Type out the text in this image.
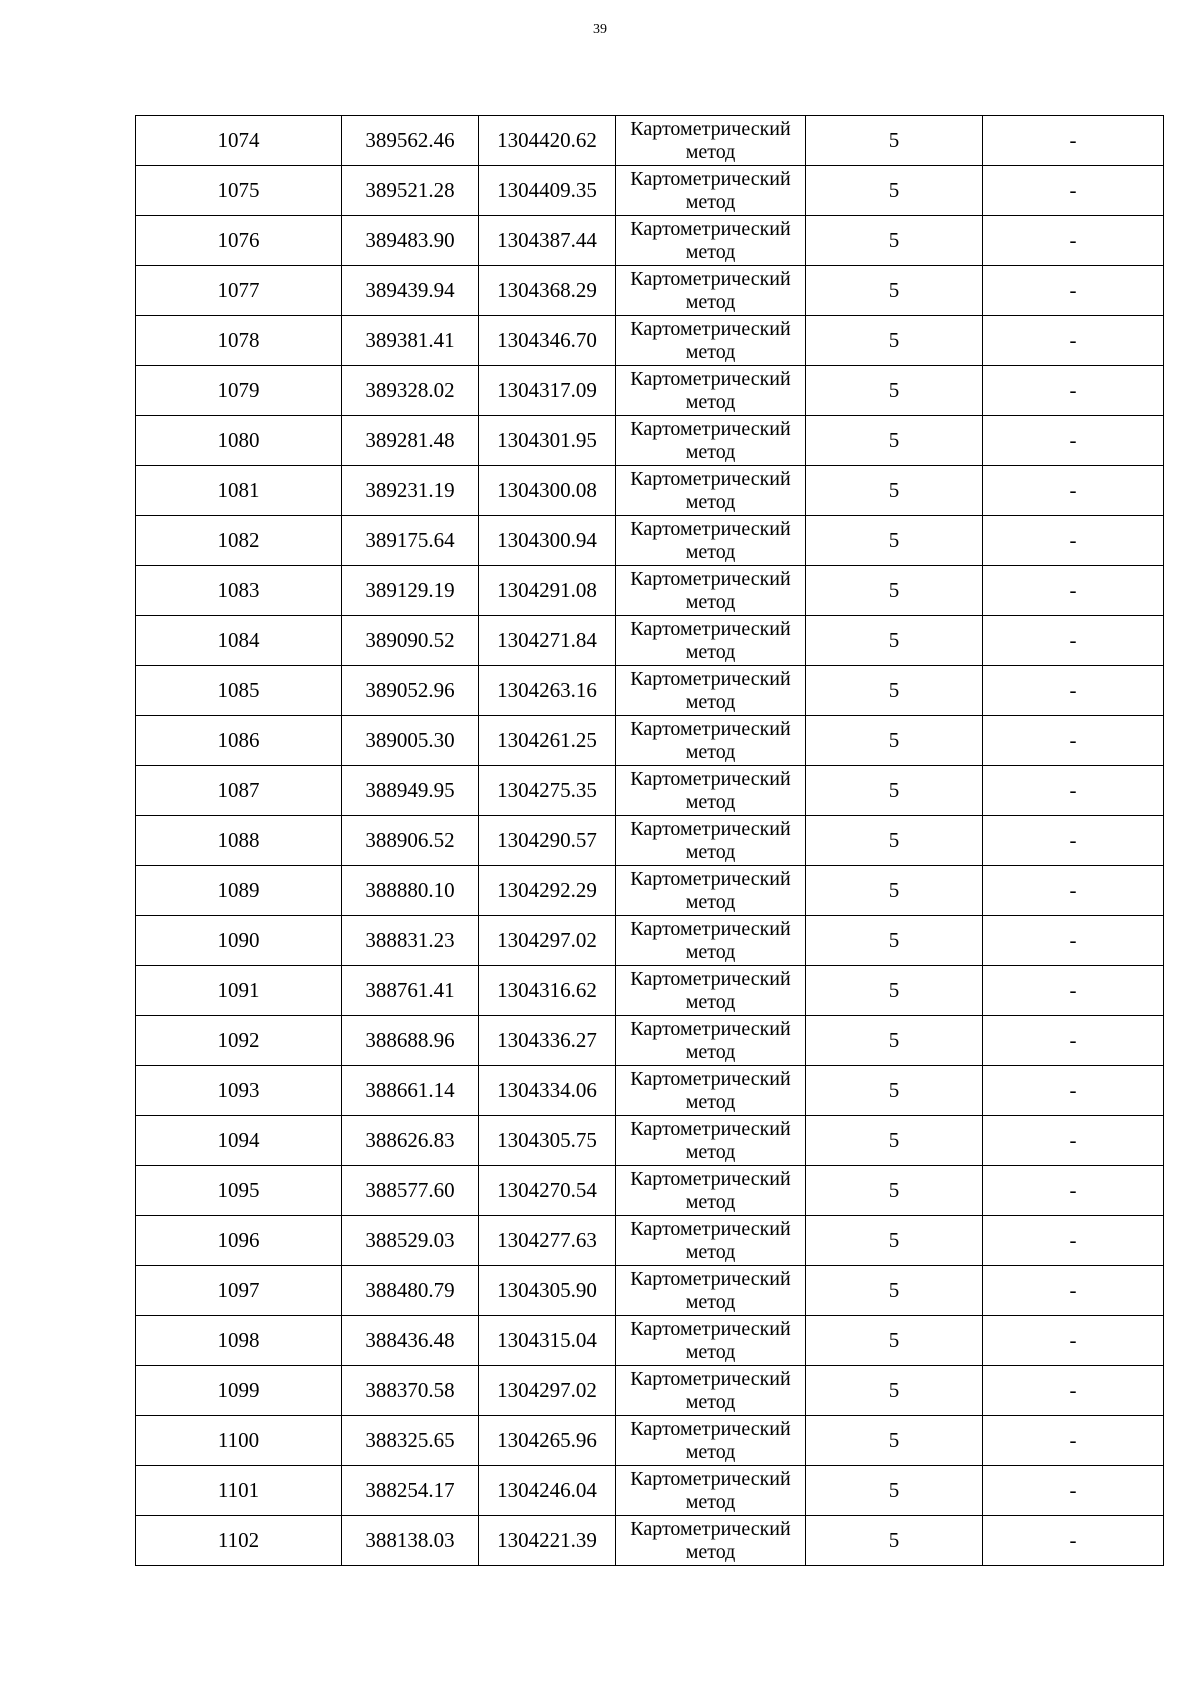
39
1074	389562.46	1304420.62	Картометрический
метод	5	-
1075	389521.28	1304409.35	Картометрический
метод	5	-
1076	389483.90	1304387.44	Картометрический
метод	5	-
1077	389439.94	1304368.29	Картометрический
метод	5	-
1078	389381.41	1304346.70	Картометрический
метод	5	-
1079	389328.02	1304317.09	Картометрический
метод	5	-
1080	389281.48	1304301.95	Картометрический
метод	5	-
1081	389231.19	1304300.08	Картометрический
метод	5	-
1082	389175.64	1304300.94	Картометрический
метод	5	-
1083	389129.19	1304291.08	Картометрический
метод	5	-
1084	389090.52	1304271.84	Картометрический
метод	5	-
1085	389052.96	1304263.16	Картометрический
метод	5	-
1086	389005.30	1304261.25	Картометрический
метод	5	-
1087	388949.95	1304275.35	Картометрический
метод	5	-
1088	388906.52	1304290.57	Картометрический
метод	5	-
1089	388880.10	1304292.29	Картометрический
метод	5	-
1090	388831.23	1304297.02	Картометрический
метод	5	-
1091	388761.41	1304316.62	Картометрический
метод	5	-
1092	388688.96	1304336.27	Картометрический
метод	5	-
1093	388661.14	1304334.06	Картометрический
метод	5	-
1094	388626.83	1304305.75	Картометрический
метод	5	-
1095	388577.60	1304270.54	Картометрический
метод	5	-
1096	388529.03	1304277.63	Картометрический
метод	5	-
1097	388480.79	1304305.90	Картометрический
метод	5	-
1098	388436.48	1304315.04	Картометрический
метод	5	-
1099	388370.58	1304297.02	Картометрический
метод	5	-
1100	388325.65	1304265.96	Картометрический
метод	5	-
1101	388254.17	1304246.04	Картометрический
метод	5	-
1102	388138.03	1304221.39	Картометрический
метод	5	-
